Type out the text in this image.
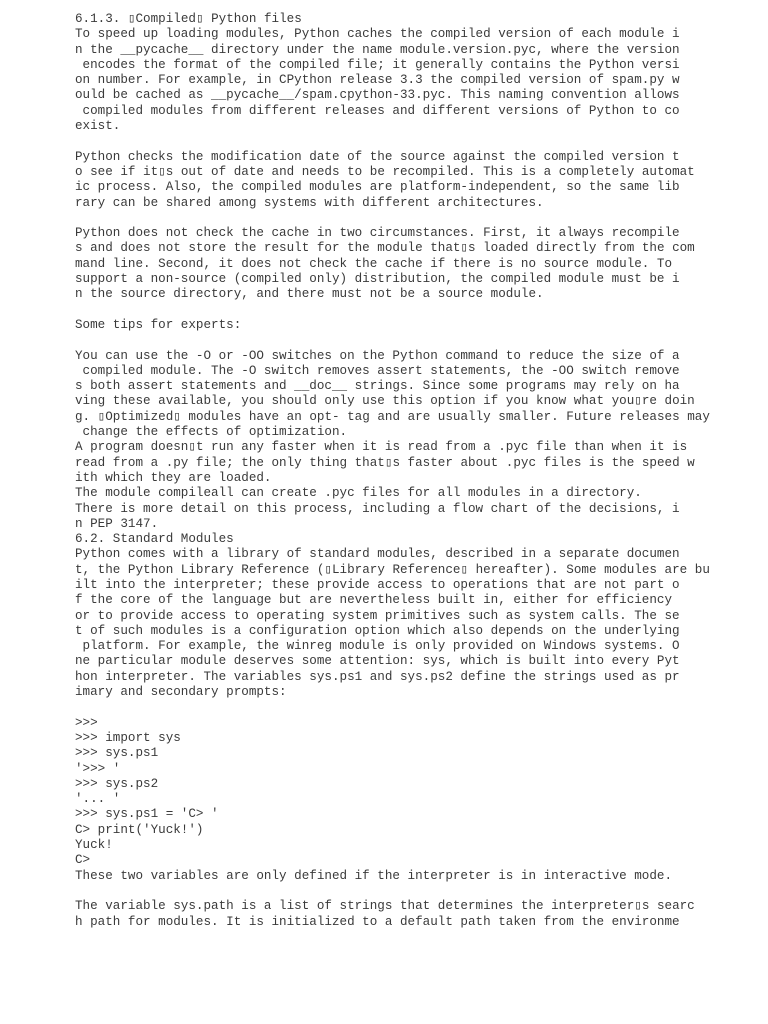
6.1.3. ▯Compiled▯ Python files
To speed up loading modules, Python caches the compiled version of each module i
n the __pycache__ directory under the name module.version.pyc, where the version
encodes the format of the compiled file; it generally contains the Python versi
on number. For example, in CPython release 3.3 the compiled version of spam.py w
ould be cached as __pycache__/spam.cpython-33.pyc. This naming convention allows
compiled modules from different releases and different versions of Python to co
exist.
Python checks the modification date of the source against the compiled version t
o see if it▯s out of date and needs to be recompiled. This is a completely automat
ic process. Also, the compiled modules are platform-independent, so the same lib
rary can be shared among systems with different architectures.
Python does not check the cache in two circumstances. First, it always recompile
s and does not store the result for the module that▯s loaded directly from the com
mand line. Second, it does not check the cache if there is no source module. To
support a non-source (compiled only) distribution, the compiled module must be i
n the source directory, and there must not be a source module.
Some tips for experts:
You can use the -O or -OO switches on the Python command to reduce the size of a
compiled module. The -O switch removes assert statements, the -OO switch remove
s both assert statements and __doc__ strings. Since some programs may rely on ha
ving these available, you should only use this option if you know what you▯re doin
g. ▯Optimized▯ modules have an opt- tag and are usually smaller. Future releases may
change the effects of optimization.
A program doesn▯t run any faster when it is read from a .pyc file than when it is
read from a .py file; the only thing that▯s faster about .pyc files is the speed w
ith which they are loaded.
The module compileall can create .pyc files for all modules in a directory.
There is more detail on this process, including a flow chart of the decisions, i
n PEP 3147.
6.2. Standard Modules
Python comes with a library of standard modules, described in a separate documen
t, the Python Library Reference (▯Library Reference▯ hereafter). Some modules are bu
ilt into the interpreter; these provide access to operations that are not part o
f the core of the language but are nevertheless built in, either for efficiency
or to provide access to operating system primitives such as system calls. The se
t of such modules is a configuration option which also depends on the underlying
platform. For example, the winreg module is only provided on Windows systems. O
ne particular module deserves some attention: sys, which is built into every Pyt
hon interpreter. The variables sys.ps1 and sys.ps2 define the strings used as pr
imary and secondary prompts:
>>>
>>> import sys
>>> sys.ps1
'>>> '
>>> sys.ps2
'... '
>>> sys.ps1 = 'C> '
C> print('Yuck!')
Yuck!
C>
These two variables are only defined if the interpreter is in interactive mode.
The variable sys.path is a list of strings that determines the interpreter▯s searc
h path for modules. It is initialized to a default path taken from the environme
